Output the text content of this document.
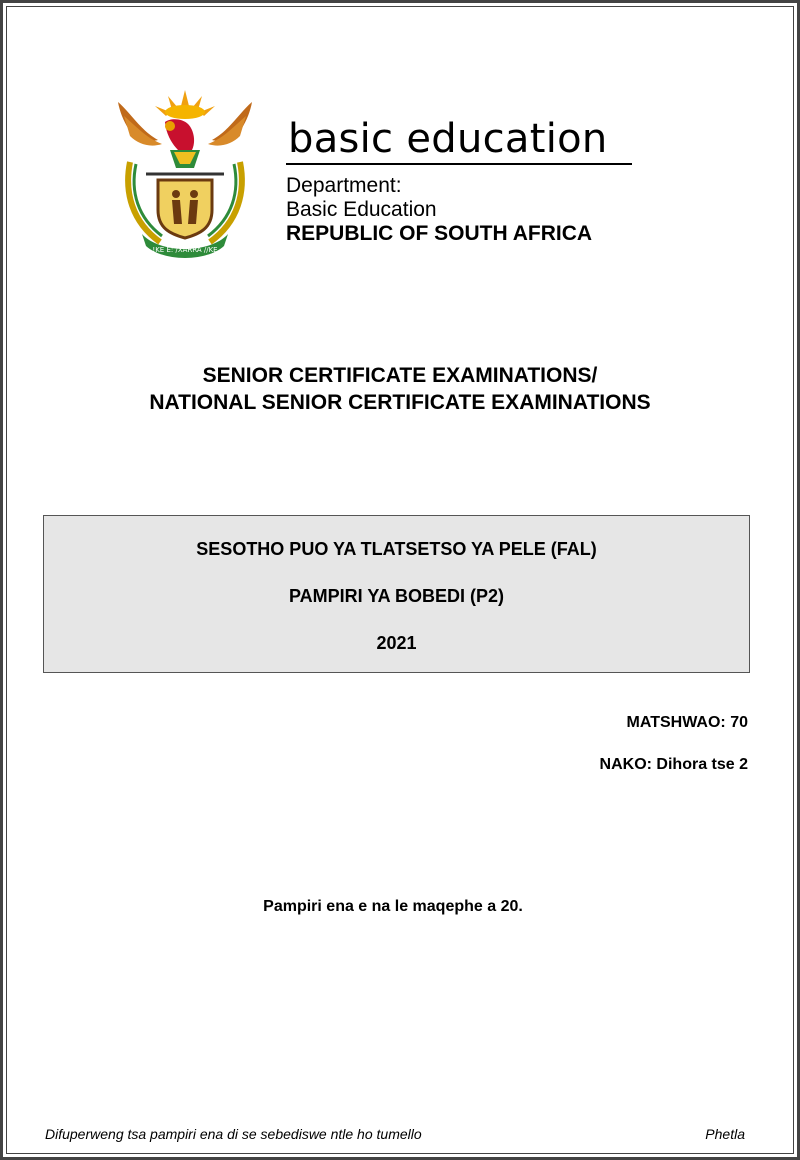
!KE E: /XARRA //KE
basic education
Department:
Basic Education
REPUBLIC OF SOUTH AFRICA
SENIOR CERTIFICATE EXAMINATIONS/
NATIONAL SENIOR CERTIFICATE EXAMINATIONS
SESOTHO PUO YA TLATSETSO YA PELE (FAL)
PAMPIRI YA BOBEDI (P2)
2021
MATSHWAO: 70
NAKO: Dihora tse 2
Pampiri ena e na le maqephe a 20.
Difuperweng tsa pampiri ena di se sebediswe ntle ho tumello	Phetla
